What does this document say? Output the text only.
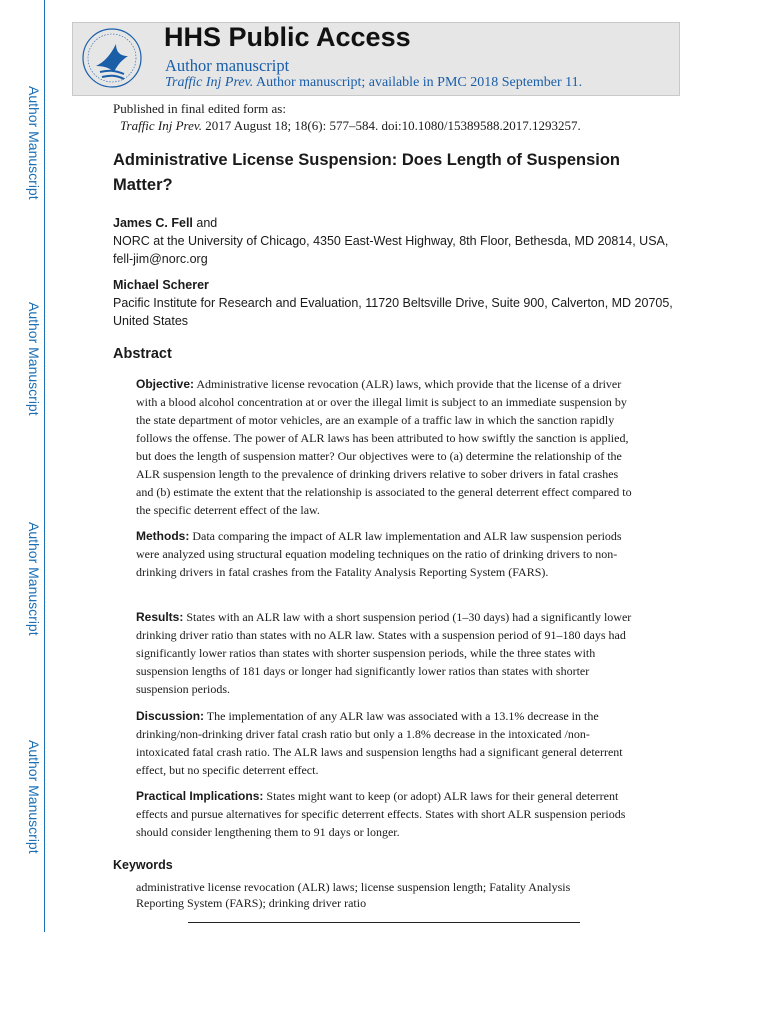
Author Manuscript
Author Manuscript
Author Manuscript
Author Manuscript
HHS Public Access
Author manuscript
Traffic Inj Prev. Author manuscript; available in PMC 2018 September 11.
Published in final edited form as:
Traffic Inj Prev. 2017 August 18; 18(6): 577–584. doi:10.1080/15389588.2017.1293257.
Administrative License Suspension: Does Length of Suspension Matter?
James C. Fell and
NORC at the University of Chicago, 4350 East-West Highway, 8th Floor, Bethesda, MD 20814, USA, fell-jim@norc.org
Michael Scherer
Pacific Institute for Research and Evaluation, 11720 Beltsville Drive, Suite 900, Calverton, MD 20705, United States
Abstract
Objective: Administrative license revocation (ALR) laws, which provide that the license of a driver with a blood alcohol concentration at or over the illegal limit is subject to an immediate suspension by the state department of motor vehicles, are an example of a traffic law in which the sanction rapidly follows the offense. The power of ALR laws has been attributed to how swiftly the sanction is applied, but does the length of suspension matter? Our objectives were to (a) determine the relationship of the ALR suspension length to the prevalence of drinking drivers relative to sober drivers in fatal crashes and (b) estimate the extent that the relationship is associated to the general deterrent effect compared to the specific deterrent effect of the law.
Methods: Data comparing the impact of ALR law implementation and ALR law suspension periods were analyzed using structural equation modeling techniques on the ratio of drinking drivers to non-drinking drivers in fatal crashes from the Fatality Analysis Reporting System (FARS).
Results: States with an ALR law with a short suspension period (1–30 days) had a significantly lower drinking driver ratio than states with no ALR law. States with a suspension period of 91–180 days had significantly lower ratios than states with shorter suspension periods, while the three states with suspension lengths of 181 days or longer had significantly lower ratios than states with shorter suspension periods.
Discussion: The implementation of any ALR law was associated with a 13.1% decrease in the drinking/non-drinking driver fatal crash ratio but only a 1.8% decrease in the intoxicated /non-intoxicated fatal crash ratio. The ALR laws and suspension lengths had a significant general deterrent effect, but no specific deterrent effect.
Practical Implications: States might want to keep (or adopt) ALR laws for their general deterrent effects and pursue alternatives for specific deterrent effects. States with short ALR suspension periods should consider lengthening them to 91 days or longer.
Keywords
administrative license revocation (ALR) laws; license suspension length; Fatality Analysis Reporting System (FARS); drinking driver ratio
